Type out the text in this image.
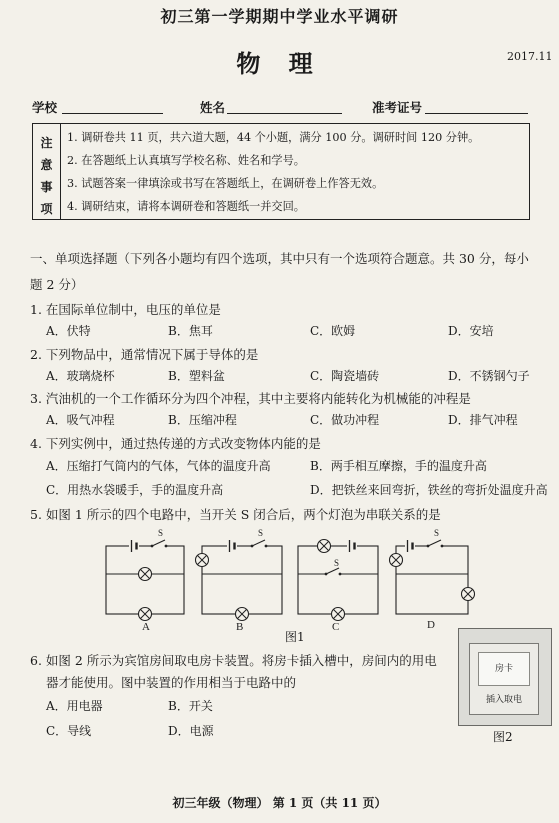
初三第一学期期中学业水平调研
物 理	2017.11
学校	姓名	准考证号
注
意
事
项
1. 调研卷共 11 页，共六道大题，44 个小题，满分 100 分。调研时间 120 分钟。
2. 在答题纸上认真填写学校名称、姓名和学号。
3. 试题答案一律填涂或书写在答题纸上，在调研卷上作答无效。
4. 调研结束，请将本调研卷和答题纸一并交回。
一、单项选择题（下列各小题均有四个选项，其中只有一个选项符合题意。共 30 分，每小
题 2 分）
1. 在国际单位制中，电压的单位是
A．伏特	B．焦耳	C．欧姆	D．安培
2. 下列物品中，通常情况下属于导体的是
A．玻璃烧杯	B．塑料盆	C．陶瓷墙砖	D．不锈钢勺子
3. 汽油机的一个工作循环分为四个冲程，其中主要将内能转化为机械能的冲程是
A．吸气冲程	B．压缩冲程	C．做功冲程	D．排气冲程
4. 下列实例中，通过热传递的方式改变物体内能的是
A．压缩打气筒内的气体，气体的温度升高	B．两手相互摩擦，手的温度升高
C．用热水袋暖手，手的温度升高	D．把铁丝来回弯折，铁丝的弯折处温度升高
5. 如图 1 所示的四个电路中，当开关 S 闭合后，两个灯泡为串联关系的是
S	S
S
S
A	B	C	D
图1
6. 如图 2 所示为宾馆房间取电房卡装置。将房卡插入槽中，房间内的用电
器才能使用。图中装置的作用相当于电路中的
A．用电器	B．开关
C．导线	D．电源
房卡
插入取电
图2
初三年级（物理） 第 1 页（共 11 页）
